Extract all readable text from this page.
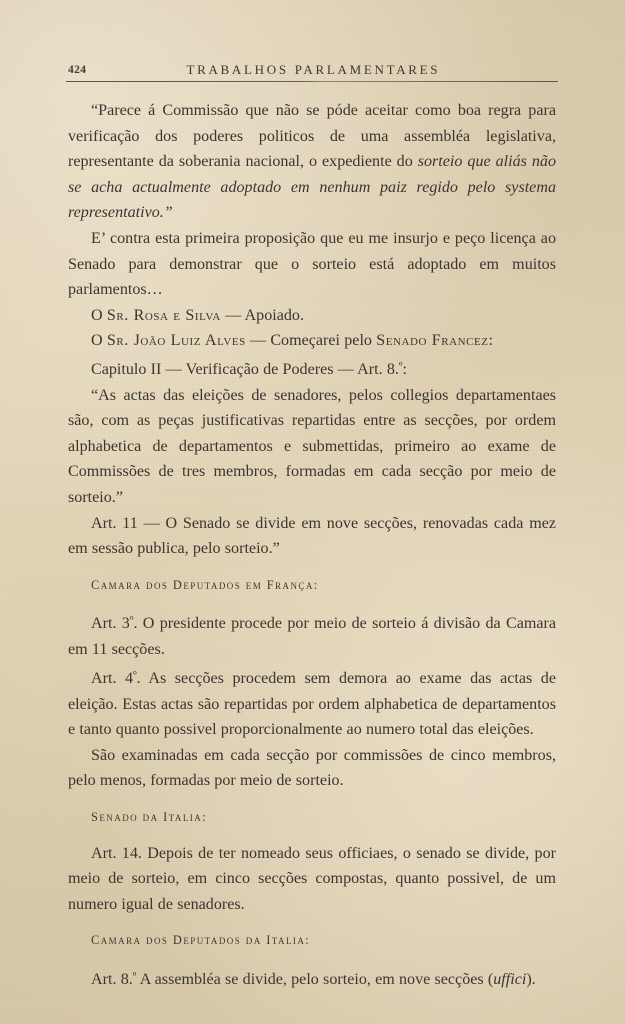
424	TRABALHOS PARLAMENTARES

“Parece á Commissão que não se póde aceitar como boa regra para verificação dos poderes politicos de uma assembléa legislativa, representante da soberania nacional, o expediente do sorteio que aliás não se acha actualmente adoptado em nenhum paiz regido pelo systema representativo.”

E’ contra esta primeira proposição que eu me insurjo e peço licença ao Senado para demonstrar que o sorteio está adoptado em muitos parlamentos…

O Sr. Rosa e Silva — Apoiado.

O Sr. João Luiz Alves — Começarei pelo Senado Francez:

Capitulo II — Verificação de Poderes — Art. 8.$^º$:

“As actas das eleições de senadores, pelos collegios departamentaes são, com as peças justificativas repartidas entre as secções, por ordem alphabetica de departamentos e submettidas, primeiro ao exame de Commissões de tres membros, formadas em cada secção por meio de sorteio.”

Art. 11 — O Senado se divide em nove secções, renovadas cada mez em sessão publica, pelo sorteio.”

Camara dos Deputados em França:

Art. $3^º$. O presidente procede por meio de sorteio á divisão da Camara em 11 secções.

Art. $4^º$. As secções procedem sem demora ao exame das actas de eleição. Estas actas são repartidas por ordem alphabetica de departamentos e tanto quanto possivel proporcionalmente ao numero total das eleições.

São examinadas em cada secção por commissões de cinco membros, pelo menos, formadas por meio de sorteio.

Senado da Italia:

Art. 14. Depois de ter nomeado seus officiaes, o senado se divide, por meio de sorteio, em cinco secções compostas, quanto possivel, de um numero igual de senadores.

Camara dos Deputados da Italia:

Art. 8.$^º$ A assembléa se divide, pelo sorteio, em nove secções (uffici).
